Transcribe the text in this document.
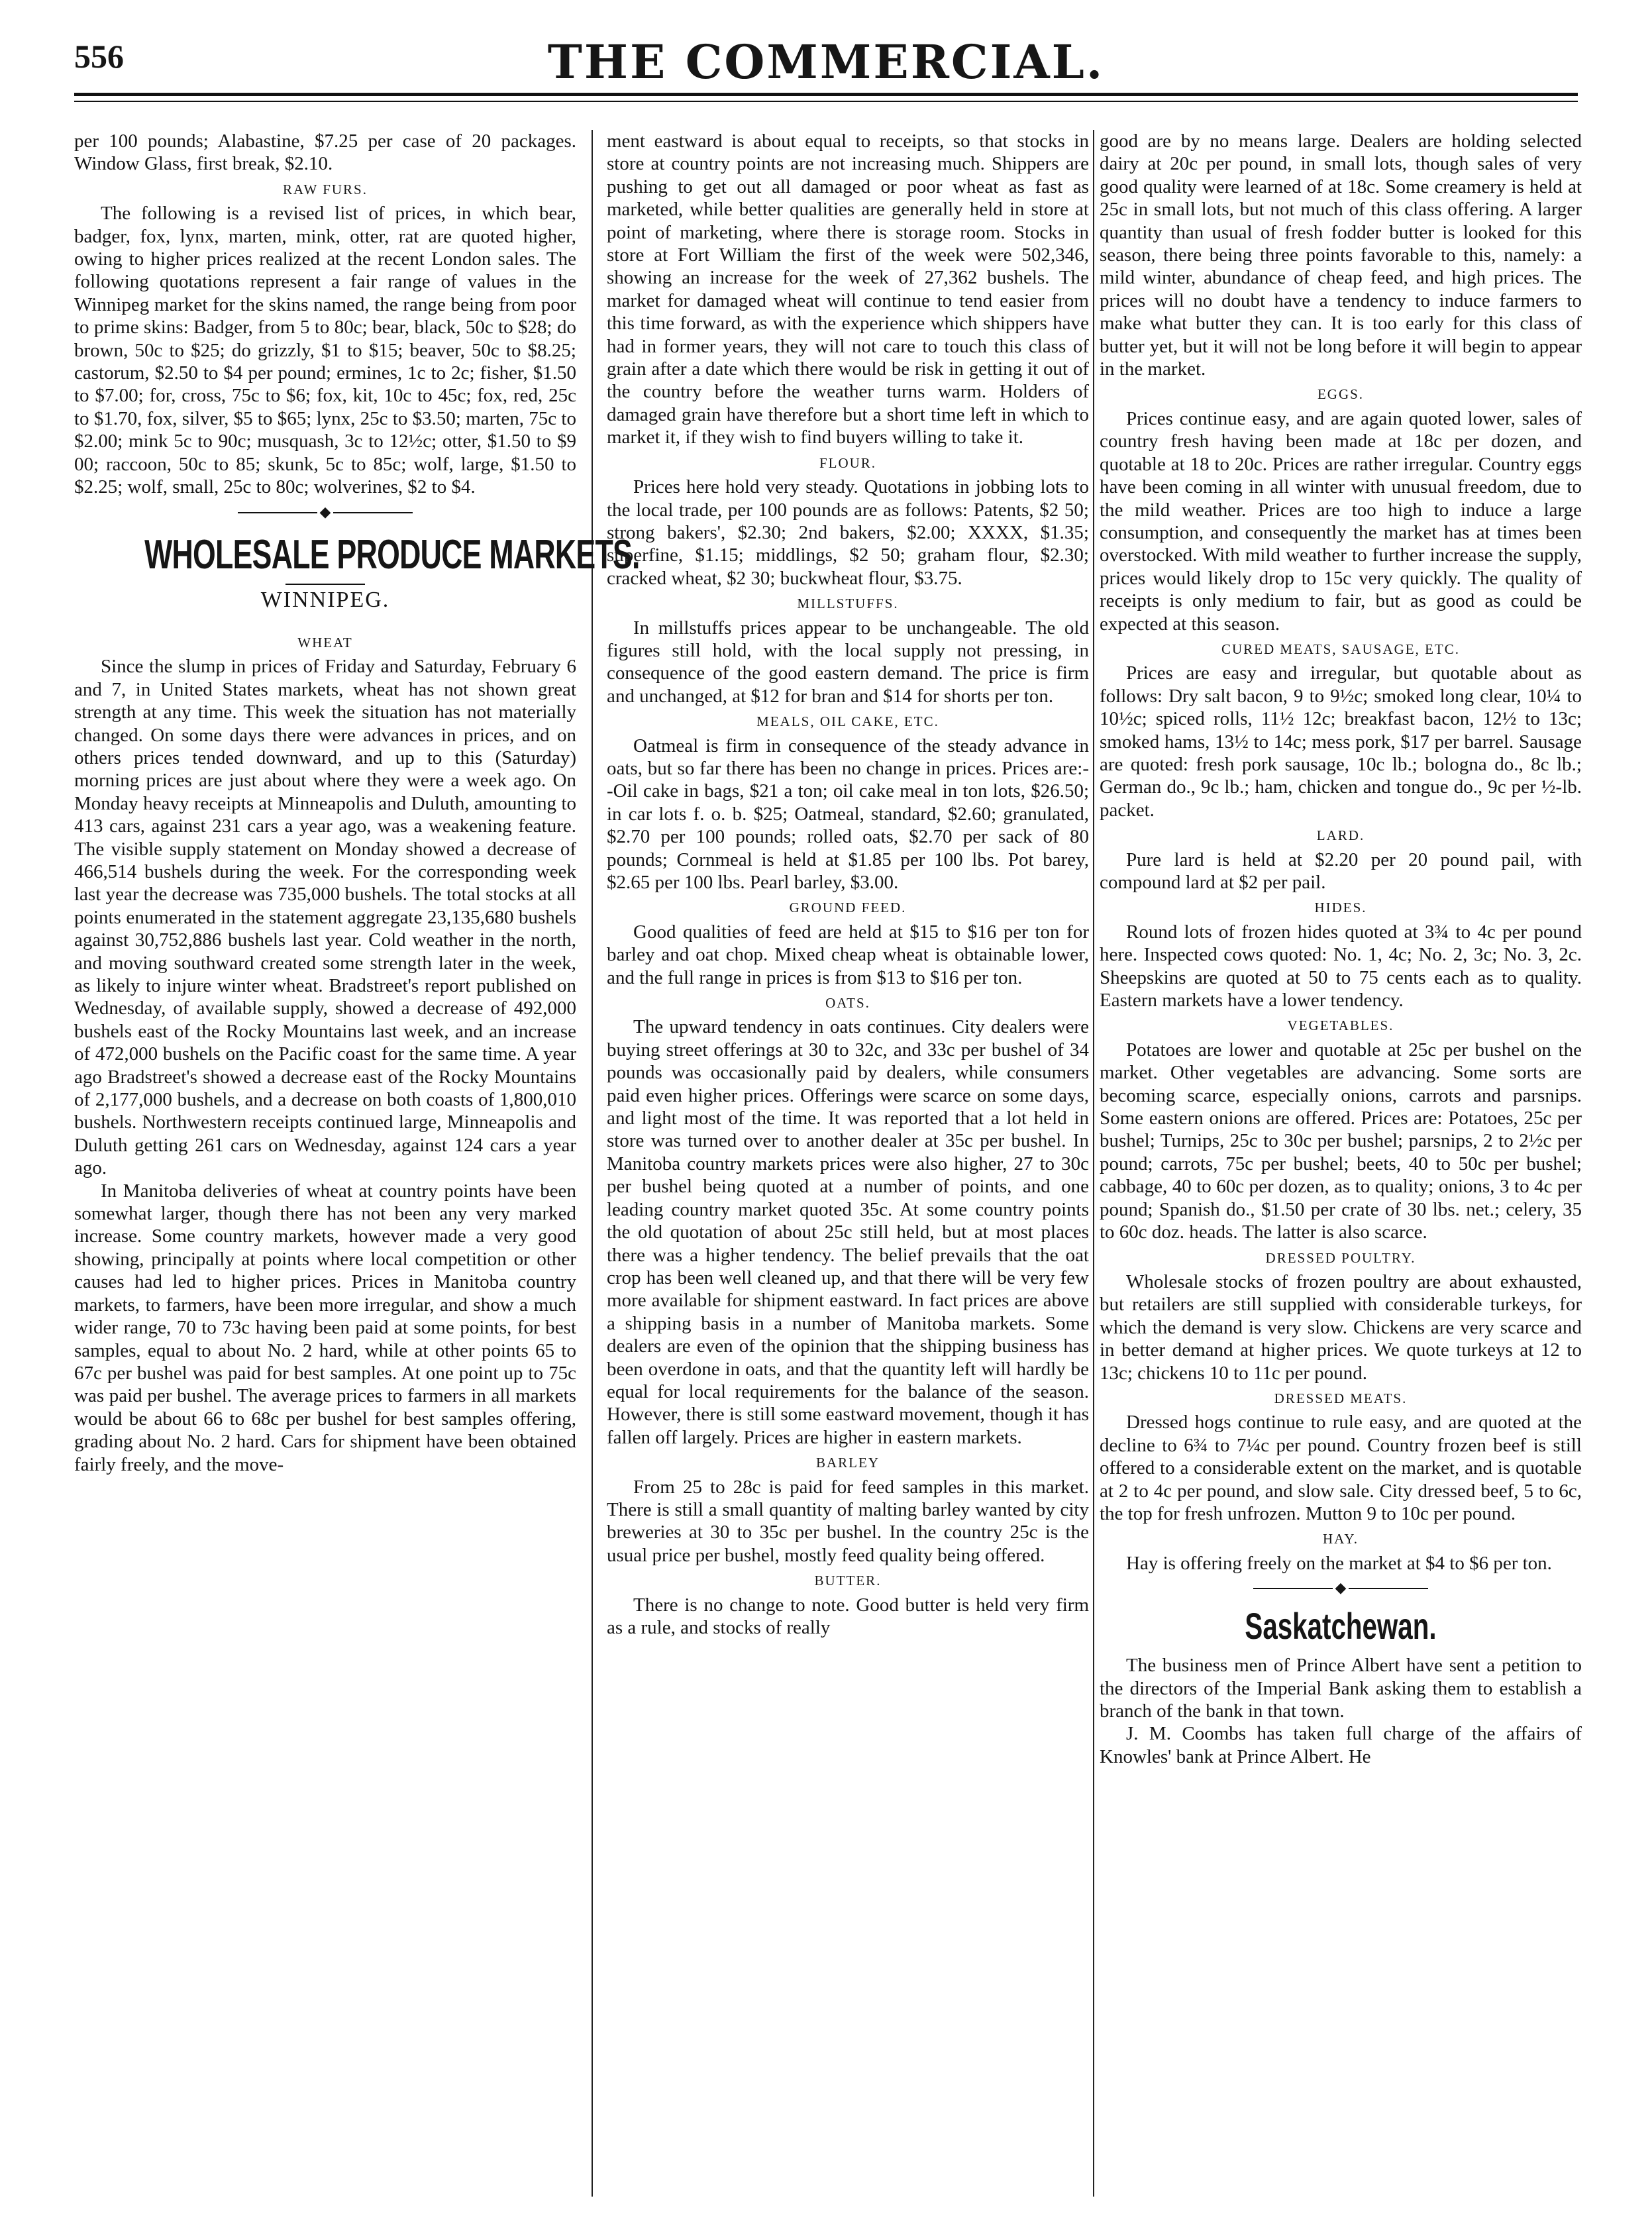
556	THE COMMERCIAL.

per 100 pounds; Alabastine, $7.25 per case of 20 packages. Window Glass, first break, $2.10.

RAW FURS.

The following is a revised list of prices, in which bear, badger, fox, lynx, marten, mink, otter, rat are quoted higher, owing to higher prices realized at the recent London sales. The following quotations represent a fair range of values in the Winnipeg market for the skins named, the range being from poor to prime skins: Badger, from 5 to 80c; bear, black, 50c to $28; do brown, 50c to $25; do grizzly, $1 to $15; beaver, 50c to $8.25; castorum, $2.50 to $4 per pound; ermines, 1c to 2c; fisher, $1.50 to $7.00; for, cross, 75c to $6; fox, kit, 10c to 45c; fox, red, 25c to $1.70, fox, silver, $5 to $65; lynx, 25c to $3.50; marten, 75c to $2.00; mink 5c to 90c; musquash, 3c to 12½c; otter, $1.50 to $9 00; raccoon, 50c to 85; skunk, 5c to 85c; wolf, large, $1.50 to $2.25; wolf, small, 25c to 80c; wolverines, $2 to $4.

◆
WHOLESALE PRODUCE MARKETS.
WINNIPEG.
WHEAT

Since the slump in prices of Friday and Saturday, February 6 and 7, in United States markets, wheat has not shown great strength at any time. This week the situation has not materially changed. On some days there were advances in prices, and on others prices tended downward, and up to this (Saturday) morning prices are just about where they were a week ago. On Monday heavy receipts at Minneapolis and Duluth, amounting to 413 cars, against 231 cars a year ago, was a weakening feature. The visible supply statement on Monday showed a decrease of 466,514 bushels during the week. For the corresponding week last year the decrease was 735,000 bushels. The total stocks at all points enumerated in the statement aggregate 23,135,680 bushels against 30,752,886 bushels last year. Cold weather in the north, and moving southward created some strength later in the week, as likely to injure winter wheat. Bradstreet's report published on Wednesday, of available supply, showed a decrease of 492,000 bushels east of the Rocky Mountains last week, and an increase of 472,000 bushels on the Pacific coast for the same time. A year ago Bradstreet's showed a decrease east of the Rocky Mountains of 2,177,000 bushels, and a decrease on both coasts of 1,800,010 bushels. Northwestern receipts continued large, Minneapolis and Duluth getting 261 cars on Wednesday, against 124 cars a year ago.

In Manitoba deliveries of wheat at country points have been somewhat larger, though there has not been any very marked increase. Some country markets, however made a very good showing, principally at points where local competition or other causes had led to higher prices. Prices in Manitoba country markets, to farmers, have been more irregular, and show a much wider range, 70 to 73c having been paid at some points, for best samples, equal to about No. 2 hard, while at other points 65 to 67c per bushel was paid for best samples. At one point up to 75c was paid per bushel. The average prices to farmers in all markets would be about 66 to 68c per bushel for best samples offering, grading about No. 2 hard. Cars for shipment have been obtained fairly freely, and the move-

ment eastward is about equal to receipts, so that stocks in store at country points are not increasing much. Shippers are pushing to get out all damaged or poor wheat as fast as marketed, while better qualities are generally held in store at point of marketing, where there is storage room. Stocks in store at Fort William the first of the week were 502,346, showing an increase for the week of 27,362 bushels. The market for damaged wheat will continue to tend easier from this time forward, as with the experience which shippers have had in former years, they will not care to touch this class of grain after a date which there would be risk in getting it out of the country before the weather turns warm. Holders of damaged grain have therefore but a short time left in which to market it, if they wish to find buyers willing to take it.

FLOUR.

Prices here hold very steady. Quotations in jobbing lots to the local trade, per 100 pounds are as follows: Patents, $2 50; strong bakers', $2.30; 2nd bakers, $2.00; XXXX, $1.35; superfine, $1.15; middlings, $2 50; graham flour, $2.30; cracked wheat, $2 30; buckwheat flour, $3.75.

MILLSTUFFS.

In millstuffs prices appear to be unchangeable. The old figures still hold, with the local supply not pressing, in consequence of the good eastern demand. The price is firm and unchanged, at $12 for bran and $14 for shorts per ton.

MEALS, OIL CAKE, ETC.

Oatmeal is firm in consequence of the steady advance in oats, but so far there has been no change in prices. Prices are:--Oil cake in bags, $21 a ton; oil cake meal in ton lots, $26.50; in car lots f. o. b. $25; Oatmeal, standard, $2.60; granulated, $2.70 per 100 pounds; rolled oats, $2.70 per sack of 80 pounds; Cornmeal is held at $1.85 per 100 lbs. Pot barey, $2.65 per 100 lbs. Pearl barley, $3.00.

GROUND FEED.

Good qualities of feed are held at $15 to $16 per ton for barley and oat chop. Mixed cheap wheat is obtainable lower, and the full range in prices is from $13 to $16 per ton.

OATS.

The upward tendency in oats continues. City dealers were buying street offerings at 30 to 32c, and 33c per bushel of 34 pounds was occasionally paid by dealers, while consumers paid even higher prices. Offerings were scarce on some days, and light most of the time. It was reported that a lot held in store was turned over to another dealer at 35c per bushel. In Manitoba country markets prices were also higher, 27 to 30c per bushel being quoted at a number of points, and one leading country market quoted 35c. At some country points the old quotation of about 25c still held, but at most places there was a higher tendency. The belief prevails that the oat crop has been well cleaned up, and that there will be very few more available for shipment eastward. In fact prices are above a shipping basis in a number of Manitoba markets. Some dealers are even of the opinion that the shipping business has been overdone in oats, and that the quantity left will hardly be equal for local requirements for the balance of the season. However, there is still some eastward movement, though it has fallen off largely. Prices are higher in eastern markets.

BARLEY

From 25 to 28c is paid for feed samples in this market. There is still a small quantity of malting barley wanted by city breweries at 30 to 35c per bushel. In the country 25c is the usual price per bushel, mostly feed quality being offered.

BUTTER.

There is no change to note. Good butter is held very firm as a rule, and stocks of really

good are by no means large. Dealers are holding selected dairy at 20c per pound, in small lots, though sales of very good quality were learned of at 18c. Some creamery is held at 25c in small lots, but not much of this class offering. A larger quantity than usual of fresh fodder butter is looked for this season, there being three points favorable to this, namely: a mild winter, abundance of cheap feed, and high prices. The prices will no doubt have a tendency to induce farmers to make what butter they can. It is too early for this class of butter yet, but it will not be long before it will begin to appear in the market.

EGGS.

Prices continue easy, and are again quoted lower, sales of country fresh having been made at 18c per dozen, and quotable at 18 to 20c. Prices are rather irregular. Country eggs have been coming in all winter with unusual freedom, due to the mild weather. Prices are too high to induce a large consumption, and consequently the market has at times been overstocked. With mild weather to further increase the supply, prices would likely drop to 15c very quickly. The quality of receipts is only medium to fair, but as good as could be expected at this season.

CURED MEATS, SAUSAGE, ETC.

Prices are easy and irregular, but quotable about as follows: Dry salt bacon, 9 to 9½c; smoked long clear, 10¼ to 10½c; spiced rolls, 11½ 12c; breakfast bacon, 12½ to 13c; smoked hams, 13½ to 14c; mess pork, $17 per barrel. Sausage are quoted: fresh pork sausage, 10c lb.; bologna do., 8c lb.; German do., 9c lb.; ham, chicken and tongue do., 9c per ½-lb. packet.

LARD.

Pure lard is held at $2.20 per 20 pound pail, with compound lard at $2 per pail.

HIDES.

Round lots of frozen hides quoted at 3¾ to 4c per pound here. Inspected cows quoted: No. 1, 4c; No. 2, 3c; No. 3, 2c. Sheepskins are quoted at 50 to 75 cents each as to quality. Eastern markets have a lower tendency.

VEGETABLES.

Potatoes are lower and quotable at 25c per bushel on the market. Other vegetables are advancing. Some sorts are becoming scarce, especially onions, carrots and parsnips. Some eastern onions are offered. Prices are: Potatoes, 25c per bushel; Turnips, 25c to 30c per bushel; parsnips, 2 to 2½c per pound; carrots, 75c per bushel; beets, 40 to 50c per bushel; cabbage, 40 to 60c per dozen, as to quality; onions, 3 to 4c per pound; Spanish do., $1.50 per crate of 30 lbs. net.; celery, 35 to 60c doz. heads. The latter is also scarce.

DRESSED POULTRY.

Wholesale stocks of frozen poultry are about exhausted, but retailers are still supplied with considerable turkeys, for which the demand is very slow. Chickens are very scarce and in better demand at higher prices. We quote turkeys at 12 to 13c; chickens 10 to 11c per pound.

DRESSED MEATS.

Dressed hogs continue to rule easy, and are quoted at the decline to 6¾ to 7¼c per pound. Country frozen beef is still offered to a considerable extent on the market, and is quotable at 2 to 4c per pound, and slow sale. City dressed beef, 5 to 6c, the top for fresh unfrozen. Mutton 9 to 10c per pound.

HAY.

Hay is offering freely on the market at $4 to $6 per ton.

◆
Saskatchewan.

The business men of Prince Albert have sent a petition to the directors of the Imperial Bank asking them to establish a branch of the bank in that town.

J. M. Coombs has taken full charge of the affairs of Knowles' bank at Prince Albert. He
